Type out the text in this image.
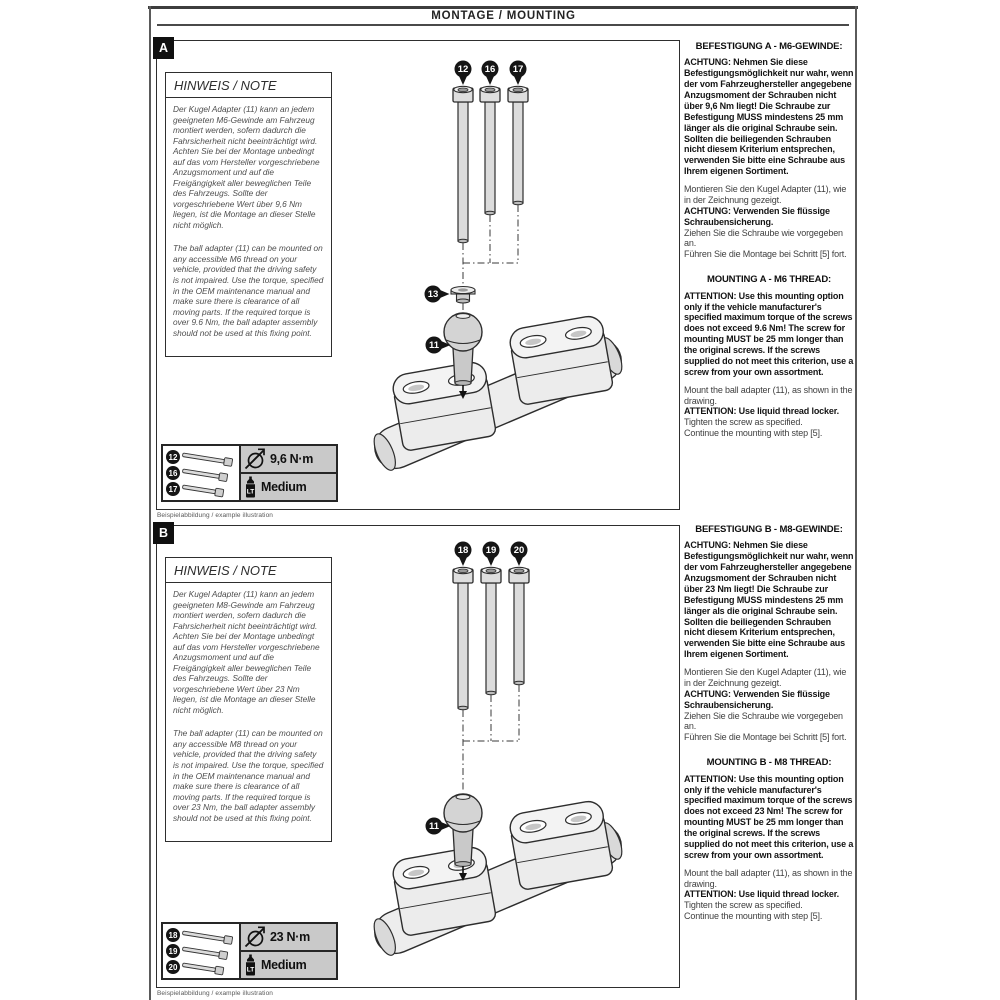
MONTAGE / MOUNTING
12 16 17
13
11
HINWEIS / NOTE

Der Kugel Adapter (11) kann an jedem geeigneten M6-Gewinde am Fahrzeug montiert werden, sofern dadurch die Fahrsicherheit nicht beeinträchtigt wird. Achten Sie bei der Montage unbedingt auf das vom Hersteller vorgeschriebene Anzugsmoment und auf die Freigängigkeit aller beweglichen Teile des Fahrzeugs. Sollte der vorgeschriebene Wert über 9,6 Nm liegen, ist die Montage an dieser Stelle nicht möglich.

The ball adapter (11) can be mounted on any accessible M6 thread on your vehicle, provided that the driving safety is not impaired. Use the torque, specified in the OEM maintenance manual and make sure there is clearance of all moving parts. If the required torque is over 9.6 Nm, the ball adapter assembly should not be used at this fixing point.

12
16
17
9,6 N·m
LT Medium
A
Beispielabbildung / example illustration
BEFESTIGUNG A - M6-GEWINDE:

ACHTUNG: Nehmen Sie diese Befestigungsmöglichkeit nur wahr, wenn der vom Fahrzeughersteller angegebene Anzugsmoment der Schrauben nicht über 9,6 Nm liegt! Die Schraube zur Befestigung MUSS mindestens 25 mm länger als die original Schraube sein. Sollten die beiliegenden Schrauben nicht diesem Kriterium entsprechen, verwenden Sie bitte eine Schraube aus Ihrem eigenen Sortiment.

Montieren Sie den Kugel Adapter (11), wie in der Zeichnung gezeigt.

ACHTUNG: Verwenden Sie flüssige Schraubensicherung.

Ziehen Sie die Schraube wie vorgegeben an.

Führen Sie die Montage bei Schritt [5] fort.

MOUNTING A - M6 THREAD:

ATTENTION: Use this mounting option only if the vehicle manufacturer's specified maximum torque of the screws does not exceed 9.6 Nm! The screw for mounting MUST be 25 mm longer than the original screws. If the screws supplied do not meet this criterion, use a screw from your own assortment.

Mount the ball adapter (11), as shown in the drawing.

ATTENTION: Use liquid thread locker.

Tighten the screw as specified.

Continue the mounting with step [5].

18 19 20
11
HINWEIS / NOTE

Der Kugel Adapter (11) kann an jedem geeigneten M8-Gewinde am Fahrzeug montiert werden, sofern dadurch die Fahrsicherheit nicht beeinträchtigt wird. Achten Sie bei der Montage unbedingt auf das vom Hersteller vorgeschriebene Anzugsmoment und auf die Freigängigkeit aller beweglichen Teile des Fahrzeugs. Sollte der vorgeschriebene Wert über 23 Nm liegen, ist die Montage an dieser Stelle nicht möglich.

The ball adapter (11) can be mounted on any accessible M8 thread on your vehicle, provided that the driving safety is not impaired. Use the torque, specified in the OEM maintenance manual and make sure there is clearance of all moving parts. If the required torque is over 23 Nm, the ball adapter assembly should not be used at this fixing point.

18
19
20
23 N·m
LT Medium
B
Beispielabbildung / example illustration
BEFESTIGUNG B - M8-GEWINDE:

ACHTUNG: Nehmen Sie diese Befestigungsmöglichkeit nur wahr, wenn der vom Fahrzeughersteller angegebene Anzugsmoment der Schrauben nicht über 23 Nm liegt! Die Schraube zur Befestigung MUSS mindestens 25 mm länger als die original Schraube sein. Sollten die beiliegenden Schrauben nicht diesem Kriterium entsprechen, verwenden Sie bitte eine Schraube aus Ihrem eigenen Sortiment.

Montieren Sie den Kugel Adapter (11), wie in der Zeichnung gezeigt.

ACHTUNG: Verwenden Sie flüssige Schraubensicherung.

Ziehen Sie die Schraube wie vorgegeben an.

Führen Sie die Montage bei Schritt [5] fort.

MOUNTING B - M8 THREAD:

ATTENTION: Use this mounting option only if the vehicle manufacturer's specified maximum torque of the screws does not exceed 23 Nm! The screw for mounting MUST be 25 mm longer than the original screws. If the screws supplied do not meet this criterion, use a screw from your own assortment.

Mount the ball adapter (11), as shown in the drawing.

ATTENTION: Use liquid thread locker.

Tighten the screw as specified.

Continue the mounting with step [5].
